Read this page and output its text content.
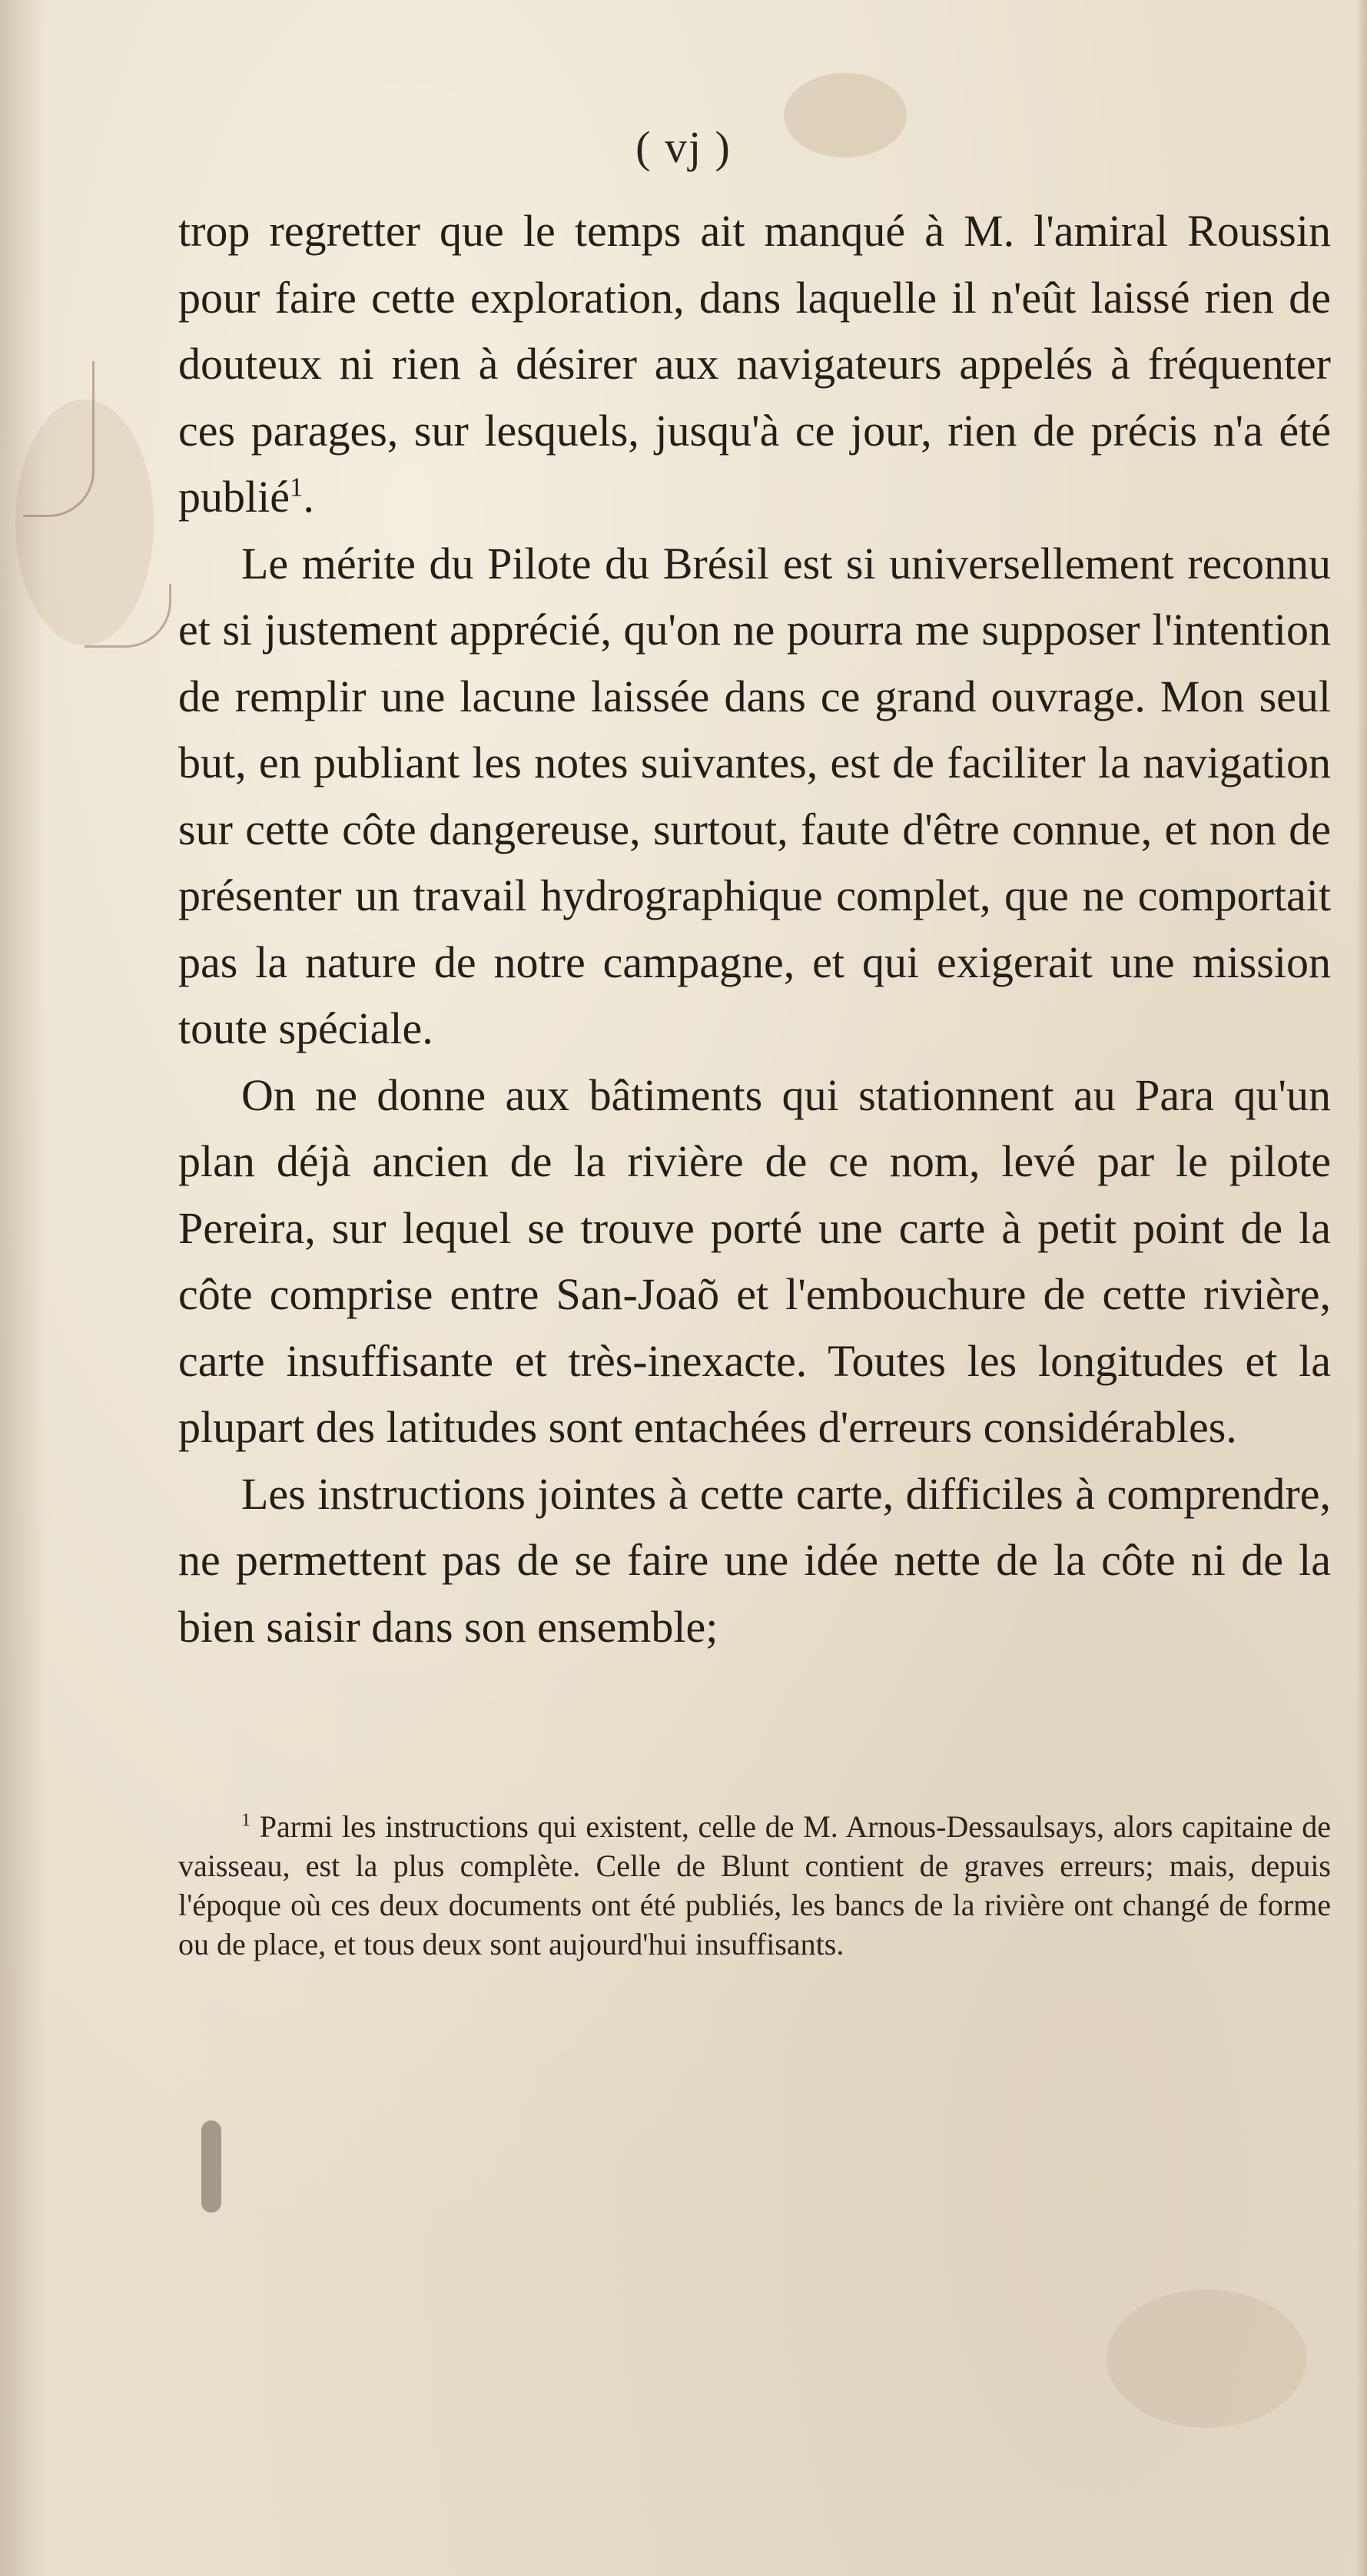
( vj )

trop regretter que le temps ait manqué à M. l'amiral Roussin pour faire cette exploration, dans laquelle il n'eût laissé rien de douteux ni rien à désirer aux navigateurs appelés à fréquenter ces parages, sur lesquels, jusqu'à ce jour, rien de précis n'a été publié$^1$.

Le mérite du Pilote du Brésil est si universellement reconnu et si justement apprécié, qu'on ne pourra me supposer l'intention de remplir une lacune laissée dans ce grand ouvrage. Mon seul but, en publiant les notes suivantes, est de faciliter la navigation sur cette côte dangereuse, surtout, faute d'être connue, et non de présenter un travail hydrographique complet, que ne comportait pas la nature de notre campagne, et qui exigerait une mission toute spéciale.

On ne donne aux bâtiments qui stationnent au Para qu'un plan déjà ancien de la rivière de ce nom, levé par le pilote Pereira, sur lequel se trouve porté une carte à petit point de la côte comprise entre San-Joaõ et l'embouchure de cette rivière, carte insuffisante et très-inexacte. Toutes les longitudes et la plupart des latitudes sont entachées d'erreurs considérables.

Les instructions jointes à cette carte, difficiles à comprendre, ne permettent pas de se faire une idée nette de la côte ni de la bien saisir dans son ensemble;

$^1$ Parmi les instructions qui existent, celle de M. Arnous-Dessaulsays, alors capitaine de vaisseau, est la plus complète. Celle de Blunt contient de graves erreurs; mais, depuis l'époque où ces deux documents ont été publiés, les bancs de la rivière ont changé de forme ou de place, et tous deux sont aujourd'hui insuffisants.
